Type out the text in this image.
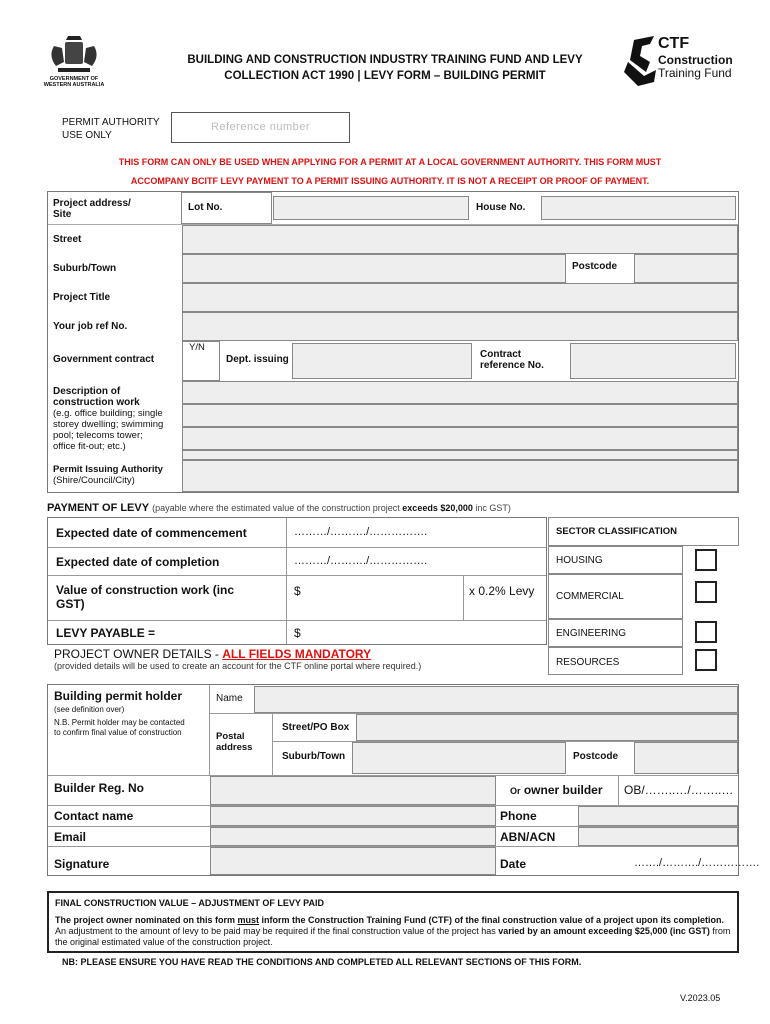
GOVERNMENT OF
WESTERN AUSTRALIA
BUILDING AND CONSTRUCTION INDUSTRY TRAINING FUND AND LEVY
COLLECTION ACT 1990 | LEVY FORM – BUILDING PERMIT
CTF
Construction
Training Fund
PERMIT AUTHORITY
USE ONLY
Reference number
THIS FORM CAN ONLY BE USED WHEN APPLYING FOR A PERMIT AT A LOCAL GOVERNMENT AUTHORITY. THIS FORM MUST
ACCOMPANY BCITF LEVY PAYMENT TO A PERMIT ISSUING AUTHORITY. IT IS NOT A RECEIPT OR PROOF OF PAYMENT.
Project address/
Site
Lot No.	House No.
Street
Suburb/Town	Postcode
Project Title
Your job ref No.
Government contract
Y/N
Dept. issuing	Contract
reference No.
Description of
construction work
(e.g. office building; single
storey dwelling; swimming
pool; telecoms tower;
office fit-out; etc.)
Permit Issuing Authority
(Shire/Council/City)
PAYMENT OF LEVY (payable where the estimated value of the construction project exceeds $20,000 inc GST)
Expected date of commencement	………/………./…………….
Expected date of completion	………/………./…………….
Value of construction work (inc
GST)
$	x 0.2% Levy
LEVY PAYABLE =	$
SECTOR CLASSIFICATION
HOUSING
COMMERCIAL
ENGINEERING
RESOURCES
PROJECT OWNER DETAILS - ALL FIELDS MANDATORY
(provided details will be used to create an account for the CTF online portal where required.)
Building permit holder
(see definition over)
N.B. Permit holder may be contacted
to confirm final value of construction
Name
Postal
address
Street/PO Box
Suburb/Town	Postcode
Builder Reg. No	Or owner builder OB/……..…/……..…
Contact name	Phone
Email	ABN/ACN
Signature	Date	……./………./…………….
FINAL CONSTRUCTION VALUE – ADJUSTMENT OF LEVY PAID
The project owner nominated on this form must inform the Construction Training Fund (CTF) of the final construction value of a project upon its completion. An adjustment to the amount of levy to be paid may be required if the final construction value of the project has varied by an amount exceeding $25,000 (inc GST) from the original estimated value of the construction project.
NB: PLEASE ENSURE YOU HAVE READ THE CONDITIONS AND COMPLETED ALL RELEVANT SECTIONS OF THIS FORM.
V.2023.05
